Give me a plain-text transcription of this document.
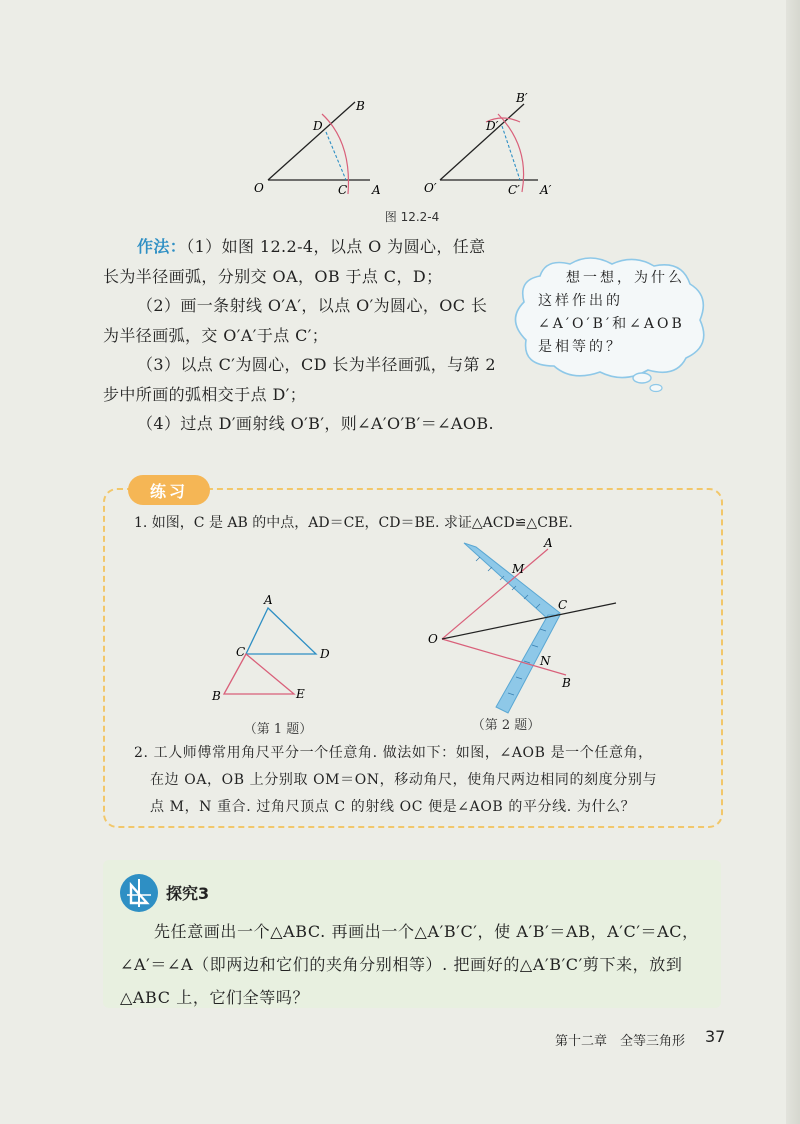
O	C A
D
B
O′	C′ A′
D′
B′
图 12.2-4

作法：（1）如图 12.2-4，以点 O 为圆心，任意长为半径画弧，分别交 OA，OB 于点 C，D；

（2）画一条射线 O′A′，以点 O′为圆心，OC 长为半径画弧，交 O′A′于点 C′；

（3）以点 C′为圆心，CD 长为半径画弧，与第 2 步中所画的弧相交于点 D′；

（4）过点 D′画射线 O′B′，则∠A′O′B′＝∠AOB.

想一想，为什么这样作出的
∠A′O′B′和∠AOB
是相等的？
练习
1. 如图，C 是 AB 的中点，AD＝CE，CD＝BE. 求证△ACD≌△CBE.
A
C	D
B	E
A
M
C
O
N
B
（第 1 题）	（第 2 题）
2. 工人师傅常用角尺平分一个任意角. 做法如下：如图，∠AOB 是一个任意角，
在边 OA，OB 上分别取 OM＝ON，移动角尺，使角尺两边相同的刻度分别与
点 M，N 重合. 过角尺顶点 C 的射线 OC 便是∠AOB 的平分线. 为什么？
探究3

先任意画出一个△ABC. 再画出一个△A′B′C′，使 A′B′＝AB，A′C′＝AC，∠A′＝∠A（即两边和它们的夹角分别相等）. 把画好的△A′B′C′剪下来，放到△ABC 上，它们全等吗？

第十二章　全等三角形	37
